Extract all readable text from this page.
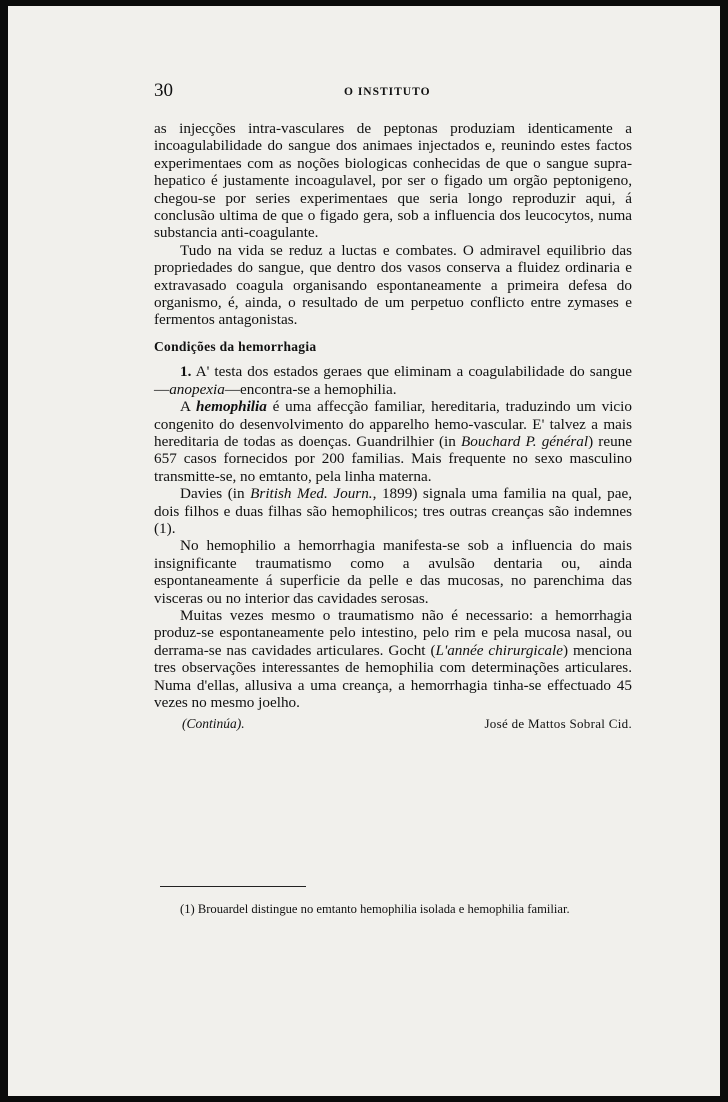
30	O INSTITUTO

as injecções intra-vasculares de peptonas produziam identicamente a incoagulabilidade do sangue dos animaes injectados e, reunindo estes factos experimentaes com as noções biologicas conhecidas de que o sangue supra-hepatico é justamente incoagulavel, por ser o figado um orgão peptonigeno, chegou-se por series experimentaes que seria longo reproduzir aqui, á conclusão ultima de que o figado gera, sob a influencia dos leucocytos, numa substancia anti-coagulante.

Tudo na vida se reduz a luctas e combates. O admiravel equilibrio das propriedades do sangue, que dentro dos vasos conserva a fluidez ordinaria e extravasado coagula organisando espontaneamente a primeira defesa do organismo, é, ainda, o resultado de um perpetuo conflicto entre zymases e fermentos antagonistas.

Condições da hemorrhagia

1. A' testa dos estados geraes que eliminam a coagulabilidade do sangue—anopexia—encontra-se a hemophilia.

A hemophilia é uma affecção familiar, hereditaria, traduzindo um vicio congenito do desenvolvimento do apparelho hemo-vascular. E' talvez a mais hereditaria de todas as doenças. Guandrilhier (in Bouchard P. général) reune 657 casos fornecidos por 200 familias. Mais frequente no sexo masculino transmitte-se, no emtanto, pela linha materna.

Davies (in British Med. Journ., 1899) signala uma familia na qual, pae, dois filhos e duas filhas são hemophilicos; tres outras creanças são indemnes (1).

No hemophilio a hemorrhagia manifesta-se sob a influencia do mais insignificante traumatismo como a avulsão dentaria ou, ainda espontaneamente á superficie da pelle e das mucosas, no parenchima das visceras ou no interior das cavidades serosas.

Muitas vezes mesmo o traumatismo não é necessario: a hemorrhagia produz-se espontaneamente pelo intestino, pelo rim e pela mucosa nasal, ou derrama-se nas cavidades articulares. Gocht (L'année chirurgicale) menciona tres observações interessantes de hemophilia com determinações articulares. Numa d'ellas, allusiva a uma creança, a hemorrhagia tinha-se effectuado 45 vezes no mesmo joelho.

(Continúa).	José de Mattos Sobral Cid.

(1) Brouardel distingue no emtanto hemophilia isolada e hemophilia familiar.
